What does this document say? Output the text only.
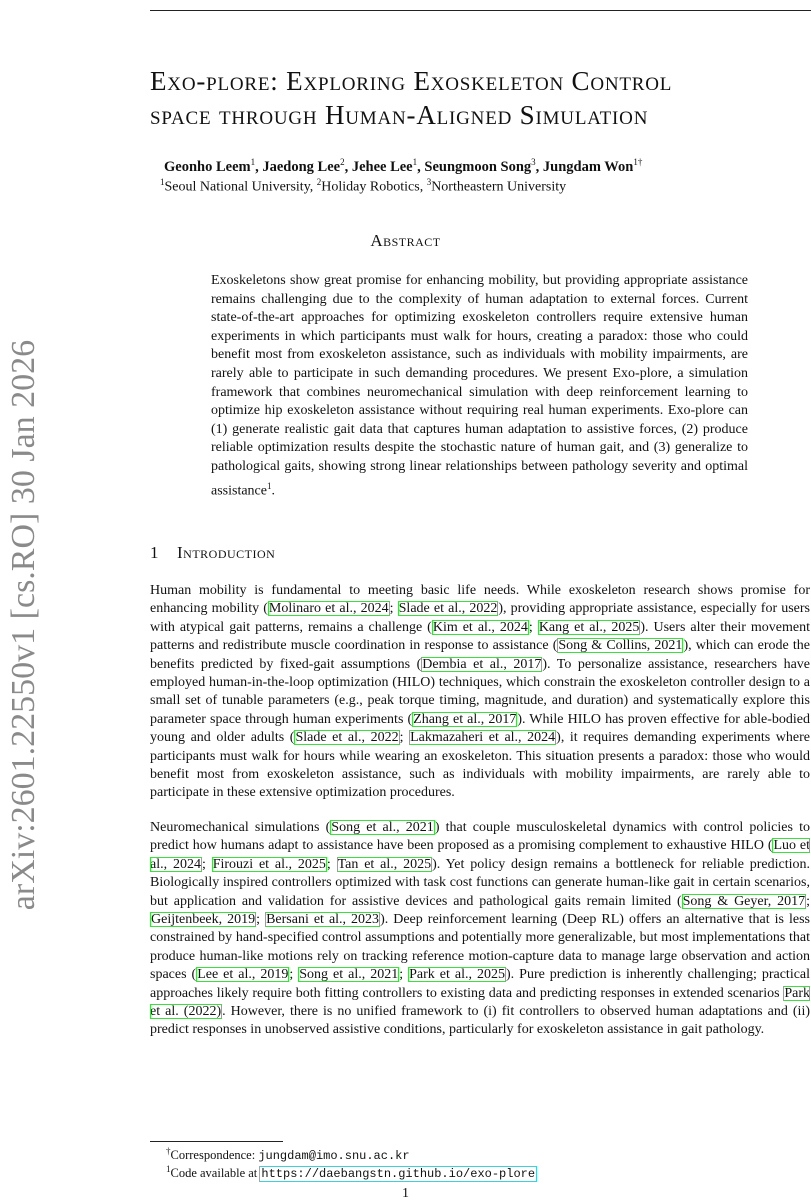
arXiv:2601.22550v1 [cs.RO] 30 Jan 2026
Exo-plore: Exploring Exoskeleton Control
space through Human-Aligned Simulation
Geonho Leem$^1$, Jaedong Lee$^2$, Jehee Lee$^1$, Seungmoon Song$^3$, Jungdam Won$^{1\dagger}$
$^1$Seoul National University, $^2$Holiday Robotics, $^3$Northeastern University
Abstract

Exoskeletons show great promise for enhancing mobility, but providing appropriate assistance remains challenging due to the complexity of human adaptation to external forces. Current state-of-the-art approaches for optimizing exoskeleton controllers require extensive human experiments in which participants must walk for hours, creating a paradox: those who could benefit most from exoskeleton assistance, such as individuals with mobility impairments, are rarely able to participate in such demanding procedures. We present Exo-plore, a simulation framework that combines neuromechanical simulation with deep reinforcement learning to optimize hip exoskeleton assistance without requiring real human experiments. Exo-plore can (1) generate realistic gait data that captures human adaptation to assistive forces, (2) produce reliable optimization results despite the stochastic nature of human gait, and (3) generalize to pathological gaits, showing strong linear relationships between pathology severity and optimal assistance$^1$.

1 Introduction

Human mobility is fundamental to meeting basic life needs. While exoskeleton research shows promise for enhancing mobility (Molinaro et al., 2024; Slade et al., 2022), providing appropriate assistance, especially for users with atypical gait patterns, remains a challenge (Kim et al., 2024; Kang et al., 2025). Users alter their movement patterns and redistribute muscle coordination in response to assistance (Song & Collins, 2021), which can erode the benefits predicted by fixed-gait assumptions (Dembia et al., 2017). To personalize assistance, researchers have employed human-in-the-loop optimization (HILO) techniques, which constrain the exoskeleton controller design to a small set of tunable parameters (e.g., peak torque timing, magnitude, and duration) and systematically explore this parameter space through human experiments (Zhang et al., 2017). While HILO has proven effective for able-bodied young and older adults (Slade et al., 2022; Lakmazaheri et al., 2024), it requires demanding experiments where participants must walk for hours while wearing an exoskeleton. This situation presents a paradox: those who would benefit most from exoskeleton assistance, such as individuals with mobility impairments, are rarely able to participate in these extensive optimization procedures.

Neuromechanical simulations (Song et al., 2021) that couple musculoskeletal dynamics with control policies to predict how humans adapt to assistance have been proposed as a promising complement to exhaustive HILO (Luo et al., 2024; Firouzi et al., 2025; Tan et al., 2025). Yet policy design remains a bottleneck for reliable prediction. Biologically inspired controllers optimized with task cost functions can generate human-like gait in certain scenarios, but application and validation for assistive devices and pathological gaits remain limited (Song & Geyer, 2017; Geijtenbeek, 2019; Bersani et al., 2023). Deep reinforcement learning (Deep RL) offers an alternative that is less constrained by hand-specified control assumptions and potentially more generalizable, but most implementations that produce human-like motions rely on tracking reference motion-capture data to manage large observation and action spaces (Lee et al., 2019; Song et al., 2021; Park et al., 2025). Pure prediction is inherently challenging; practical approaches likely require both fitting controllers to existing data and predicting responses in extended scenarios Park et al. (2022). However, there is no unified framework to (i) fit controllers to observed human adaptations and (ii) predict responses in unobserved assistive conditions, particularly for exoskeleton assistance in gait pathology.

†Correspondence: jungdam@imo.snu.ac.kr
$^1$Code available at https://daebangstn.github.io/exo-plore
1
